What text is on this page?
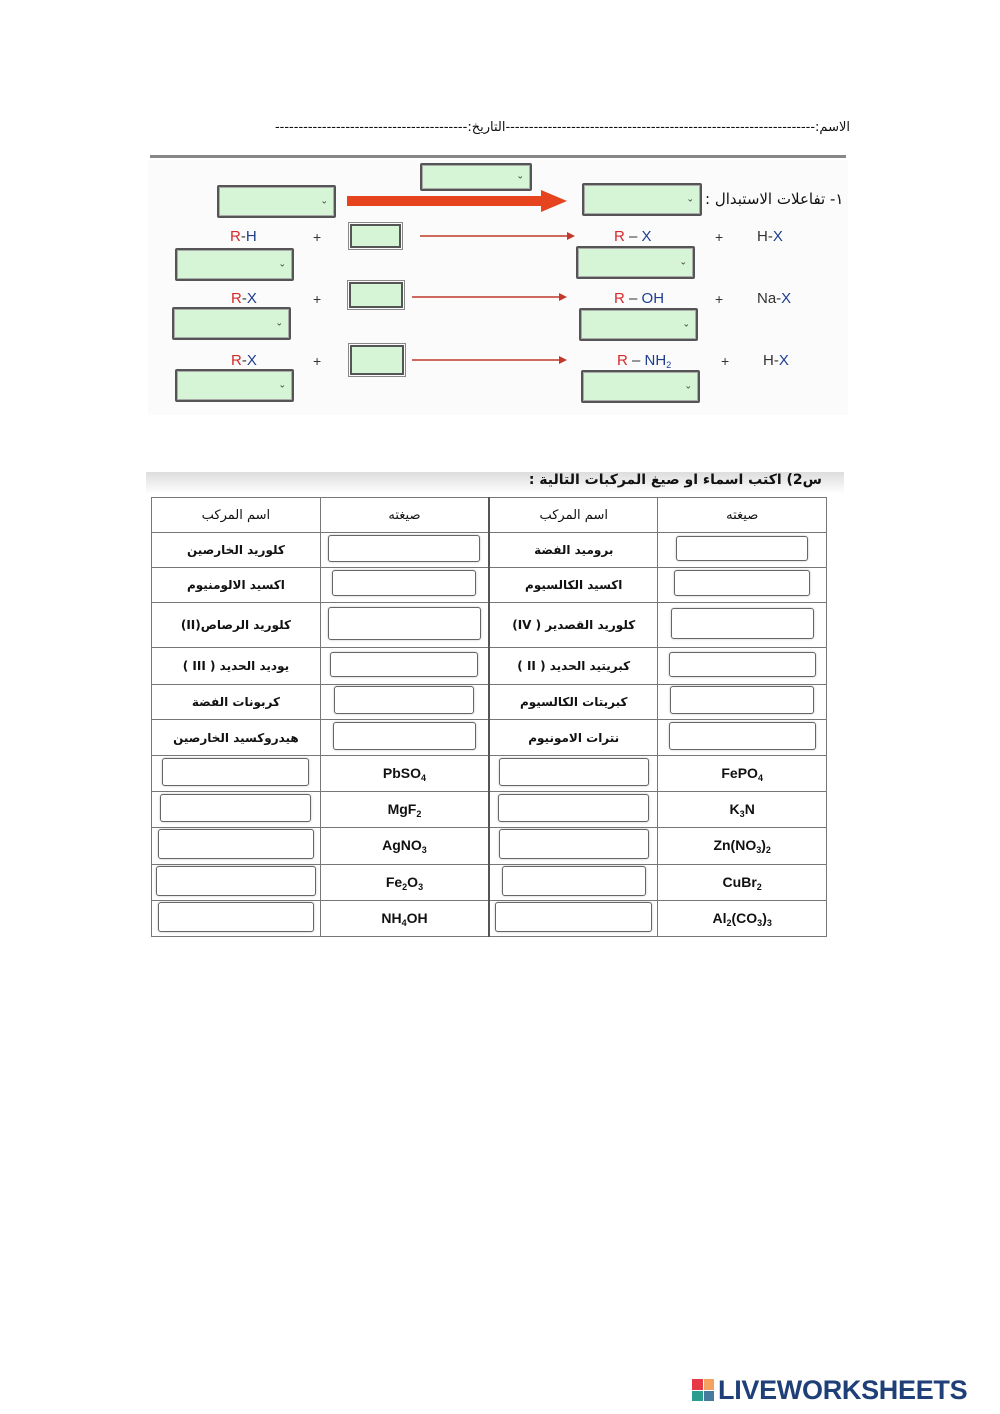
الاسم:------------------------------------------------------------------التاريخ:-----------------------------------------
١- تفاعلات الاستبدال :
⌄
⌄	⌄
R-H	+	R – X	+ H-X
⌄	⌄
R-X	+	R – OH	+ Na-X
⌄	⌄
R-X	+	R – $NH_2$	+ H-X
⌄	⌄
س2) اكتب اسماء او صيغ المركبات التالية :
اسم المركب	صيغته	اسم المركب	صيغته
كلوريد الخارصين		بروميد الفضة	
اكسيد الالومنيوم		اكسيد الكالسيوم	
كلوريد الرصاص(II)		كلوريد القصدير ( IV)	
يوديد الحديد ( III )		كبريتيد الحديد ( II )	
كربونات الفضة		كبريتات الكالسيوم	
هيدروكسيد الخارصين		نترات الامونيوم	
	PbSO$_4$		FePO$_4$
	MgF$_2$		$K_3N$
	AgNO$_3$		$Zn(NO_3)_2$
	$Fe_2O_3$		CuBr$_2$
	$NH_4OH$		$Al_2(CO_3)_3$
LIVEWORKSHEETS
